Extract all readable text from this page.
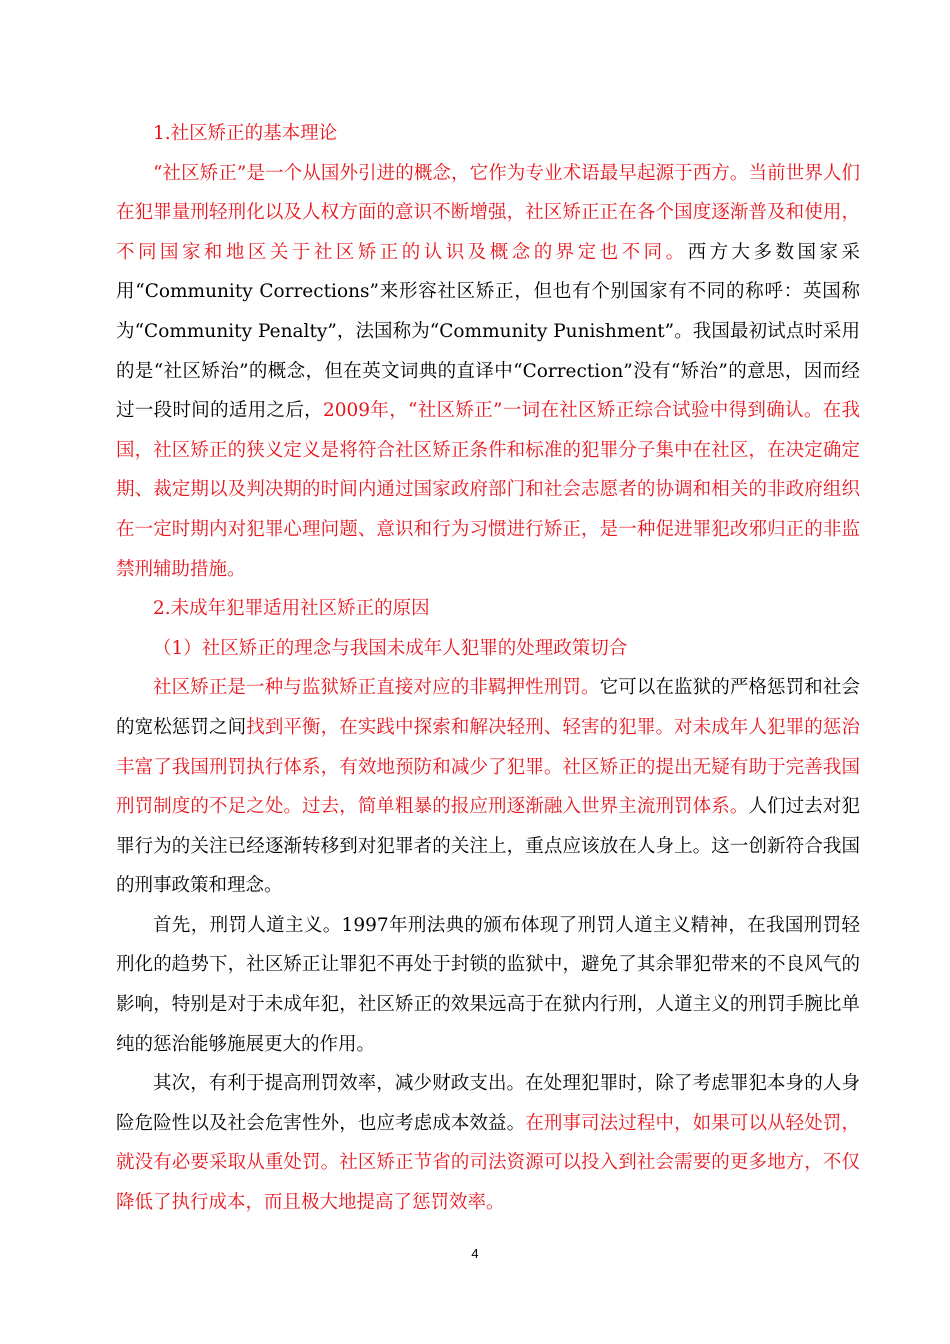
1.社区矫正的基本理论

“社区矫正”是一个从国外引进的概念，它作为专业术语最早起源于西方。当前世界人们在犯罪量刑轻刑化以及人权方面的意识不断增强，社区矫正正在各个国度逐渐普及和使用，不同国家和地区关于社区矫正的认识及概念的界定也不同。西方大多数国家采用“Community Corrections”来形容社区矫正，但也有个别国家有不同的称呼：英国称为“Community Penalty”，法国称为“Community Punishment”。我国最初试点时采用的是“社区矫治”的概念，但在英文词典的直译中“Correction”没有“矫治”的意思，因而经过一段时间的适用之后，2009年，“社区矫正”一词在社区矫正综合试验中得到确认。在我国，社区矫正的狭义定义是将符合社区矫正条件和标准的犯罪分子集中在社区，在决定确定期、裁定期以及判决期的时间内通过国家政府部门和社会志愿者的协调和相关的非政府组织在一定时期内对犯罪心理问题、意识和行为习惯进行矫正，是一种促进罪犯改邪归正的非监禁刑辅助措施。

2.未成年犯罪适用社区矫正的原因

（1）社区矫正的理念与我国未成年人犯罪的处理政策切合

社区矫正是一种与监狱矫正直接对应的非羁押性刑罚。它可以在监狱的严格惩罚和社会的宽松惩罚之间找到平衡，在实践中探索和解决轻刑、轻害的犯罪。对未成年人犯罪的惩治丰富了我国刑罚执行体系，有效地预防和减少了犯罪。社区矫正的提出无疑有助于完善我国刑罚制度的不足之处。过去，简单粗暴的报应刑逐渐融入世界主流刑罚体系。人们过去对犯罪行为的关注已经逐渐转移到对犯罪者的关注上，重点应该放在人身上。这一创新符合我国的刑事政策和理念。

首先，刑罚人道主义。1997年刑法典的颁布体现了刑罚人道主义精神，在我国刑罚轻刑化的趋势下，社区矫正让罪犯不再处于封锁的监狱中，避免了其余罪犯带来的不良风气的影响，特别是对于未成年犯，社区矫正的效果远高于在狱内行刑，人道主义的刑罚手腕比单纯的惩治能够施展更大的作用。

其次，有利于提高刑罚效率，减少财政支出。在处理犯罪时，除了考虑罪犯本身的人身险危险性以及社会危害性外，也应考虑成本效益。在刑事司法过程中，如果可以从轻处罚，就没有必要采取从重处罚。社区矫正节省的司法资源可以投入到社会需要的更多地方，不仅降低了执行成本，而且极大地提高了惩罚效率。

4
